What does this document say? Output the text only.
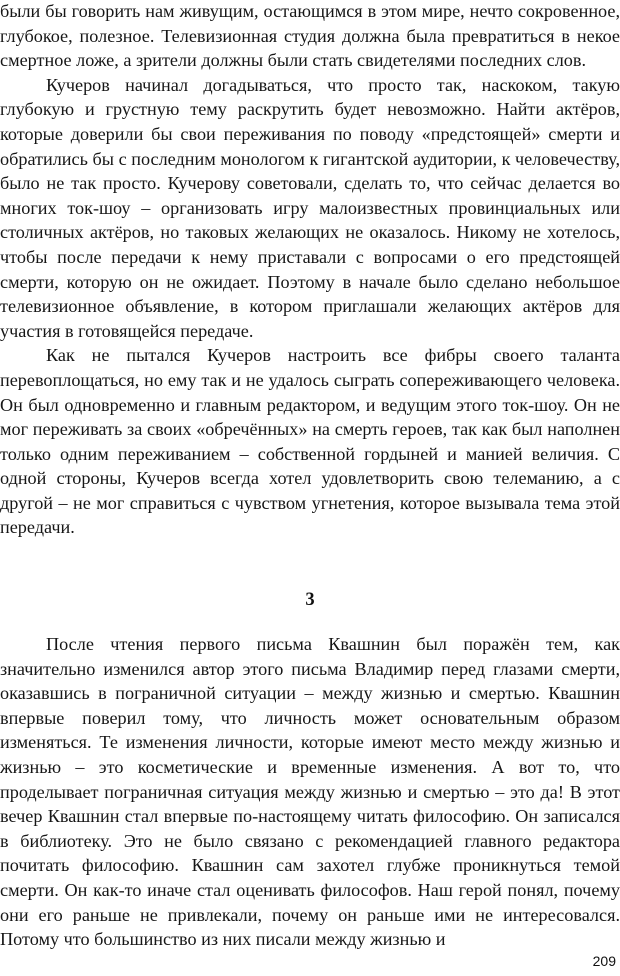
были бы говорить нам живущим, остающимся в этом мире, нечто сокровенное, глубокое, полезное. Телевизионная студия должна была превратиться в некое смертное ложе, а зрители должны были стать свидетелями последних слов.

Кучеров начинал догадываться, что просто так, наскоком, такую глубокую и грустную тему раскрутить будет невозможно. Найти актёров, которые доверили бы свои переживания по поводу «предстоящей» смерти и обратились бы с последним монологом к гигантской аудитории, к человечеству, было не так просто. Кучерову советовали, сделать то, что сейчас делается во многих ток-шоу – организовать игру малоизвестных провинциальных или столичных актёров, но таковых желающих не оказалось. Никому не хотелось, чтобы после передачи к нему приставали с вопросами о его предстоящей смерти, которую он не ожидает. Поэтому в начале было сделано небольшое телевизионное объявление, в котором приглашали желающих актёров для участия в готовящейся передаче.

Как не пытался Кучеров настроить все фибры своего таланта перевоплощаться, но ему так и не удалось сыграть сопереживающего человека. Он был одновременно и главным редактором, и ведущим этого ток-шоу. Он не мог переживать за своих «обречённых» на смерть героев, так как был наполнен только одним переживанием – собственной гордыней и манией величия. С одной стороны, Кучеров всегда хотел удовлетворить свою телеманию, а с другой – не мог справиться с чувством угнетения, которое вызывала тема этой передачи.

3

После чтения первого письма Квашнин был поражён тем, как значительно изменился автор этого письма Владимир перед глазами смерти, оказавшись в пограничной ситуации – между жизнью и смертью. Квашнин впервые поверил тому, что личность может основательным образом изменяться. Те изменения личности, которые имеют место между жизнью и жизнью – это косметические и временные изменения. А вот то, что проделывает пограничная ситуация между жизнью и смертью – это да! В этот вечер Квашнин стал впервые по-настоящему читать философию. Он записался в библиотеку. Это не было связано с рекомендацией главного редактора почитать философию. Квашнин сам захотел глубже проникнуться темой смерти. Он как-то иначе стал оценивать философов. Наш герой понял, почему они его раньше не привлекали, почему он раньше ими не интересовался. Потому что большинство из них писали между жизнью и

209
